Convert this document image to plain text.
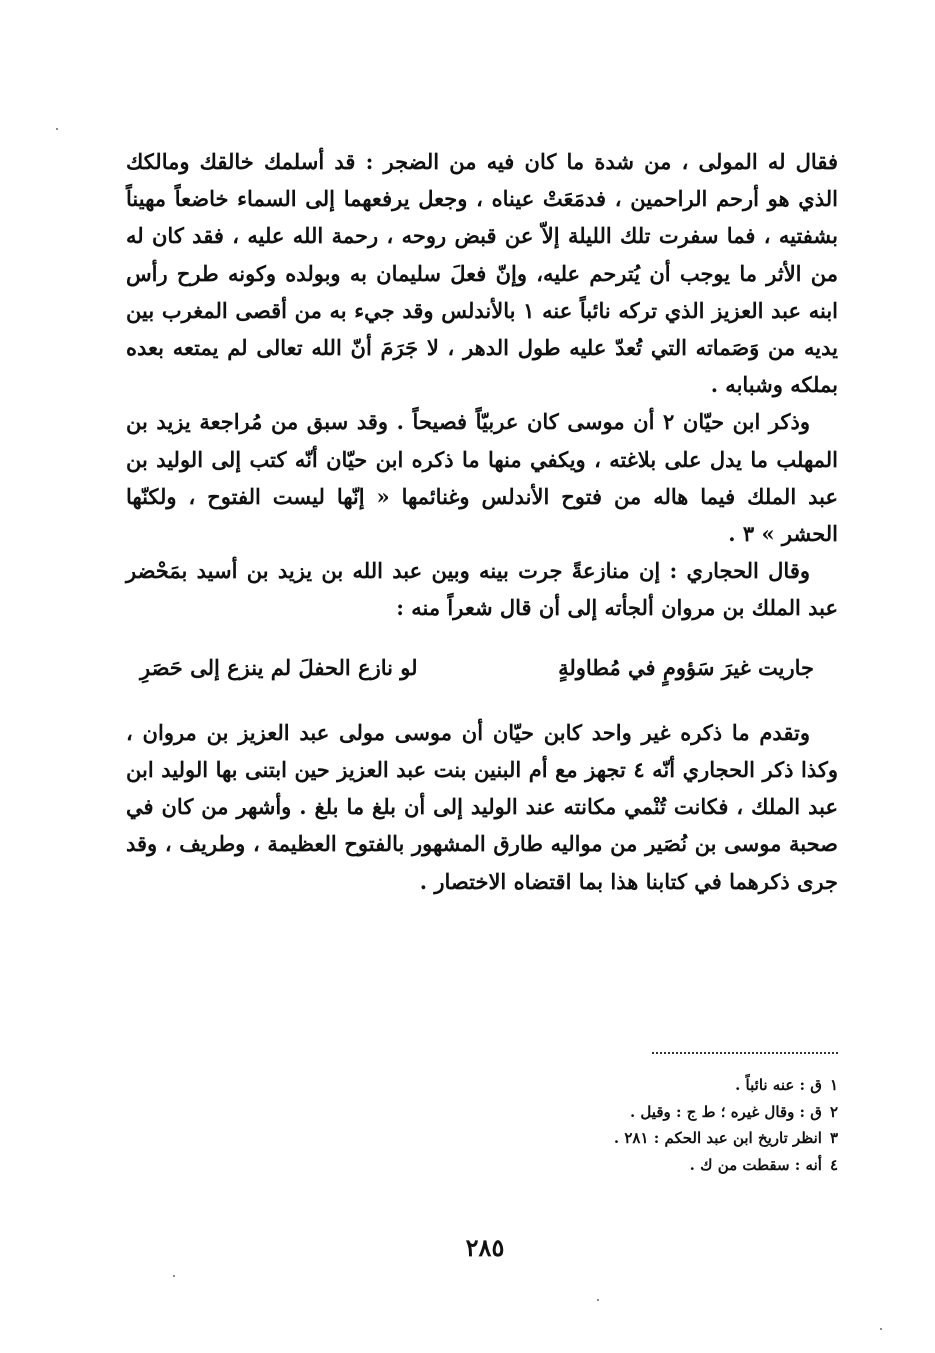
فقال له المولى ، من شدة ما كان فيه من الضجر : قد أسلمك خالقك ومالكك الذي هو أرحم الراحمين ، فدمَعَتْ عيناه ، وجعل يرفعهما إلى السماء خاضعاً مهيناً بشفتيه ، فما سفرت تلك الليلة إلاّ عن قبض روحه ، رحمة الله عليه ، فقد كان له من الأثر ما يوجب أن يُترحم عليه، وإنّ فعلَ سليمان به وبولده وكونه طرح رأس ابنه عبد العزيز الذي تركه نائباً عنه ١ بالأندلس وقد جيء به من أقصى المغرب بين يديه من وَصَماته التي تُعدّ عليه طول الدهر ، لا جَرَمَ أنّ الله تعالى لم يمتعه بعده بملكه وشبابه .

وذكر ابن حيّان ٢ أن موسى كان عربيّاً فصيحاً . وقد سبق من مُراجعة يزيد بن المهلب ما يدل على بلاغته ، ويكفي منها ما ذكره ابن حيّان أنّه كتب إلى الوليد بن عبد الملك فيما هاله من فتوح الأندلس وغنائمها « إنّها ليست الفتوح ، ولكنّها الحشر » ٣ .

وقال الحجاري : إن منازعةً جرت بينه وبين عبد الله بن يزيد بن أسيد بمَحْضر عبد الملك بن مروان ألجأته إلى أن قال شعراً منه :

جاريت غيرَ سَؤومٍ في مُطاولةٍ
لو نازع الحفلَ لم ينزع إلى حَصَرِ

وتقدم ما ذكره غير واحد كابن حيّان أن موسى مولى عبد العزيز بن مروان ، وكذا ذكر الحجاري أنّه ٤ تجهز مع أم البنين بنت عبد العزيز حين ابتنى بها الوليد ابن عبد الملك ، فكانت تُنْمي مكانته عند الوليد إلى أن بلغ ما بلغ . وأشهر من كان في صحبة موسى بن نُصَير من مواليه طارق المشهور بالفتوح العظيمة ، وطريف ، وقد جرى ذكرهما في كتابنا هذا بما اقتضاه الاختصار .

١ق : عنه نائباً .
٢ق : وقال غيره ؛ ط ج : وقيل .
٣انظر تاريخ ابن عبد الحكم : ٢٨١ .
٤أنه : سقطت من ك .
٢٨٥
